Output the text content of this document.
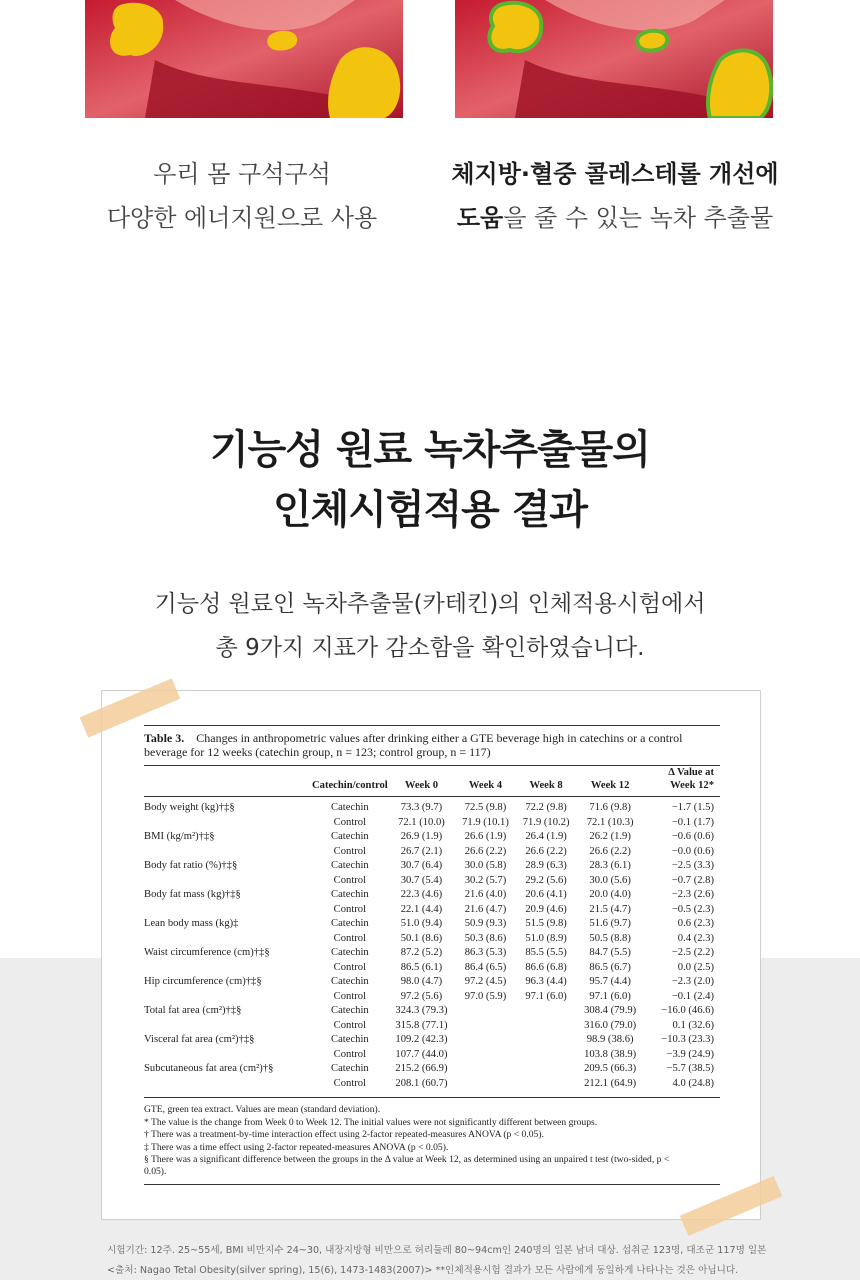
우리 몸 구석구석
다양한 에너지원으로 사용
체지방·혈중 콜레스테롤 개선에
도움을 줄 수 있는 녹차 추출물
기능성 원료 녹차추출물의
인체시험적용 결과
기능성 원료인 녹차추출물(카테킨)의 인체적용시험에서
총 9가지 지표가 감소함을 확인하였습니다.
Table 3. Changes in anthropometric values after drinking either a GTE beverage high in catechins or a control
beverage for 12 weeks (catechin group, n = 123; control group, n = 117)
						Δ Value at
	Catechin/control	Week 0	Week 4	Week 8	Week 12	Week 12*

Body weight (kg)†‡§	Catechin	73.3 (9.7)	72.5 (9.8)	72.2 (9.8)	71.6 (9.8)	−1.7 (1.5)
	Control	72.1 (10.0)	71.9 (10.1)	71.9 (10.2)	72.1 (10.3)	−0.1 (1.7)
BMI (kg/m²)†‡§	Catechin	26.9 (1.9)	26.6 (1.9)	26.4 (1.9)	26.2 (1.9)	−0.6 (0.6)
	Control	26.7 (2.1)	26.6 (2.2)	26.6 (2.2)	26.6 (2.2)	−0.0 (0.6)
Body fat ratio (%)†‡§	Catechin	30.7 (6.4)	30.0 (5.8)	28.9 (6.3)	28.3 (6.1)	−2.5 (3.3)
	Control	30.7 (5.4)	30.2 (5.7)	29.2 (5.6)	30.0 (5.6)	−0.7 (2.8)
Body fat mass (kg)†‡§	Catechin	22.3 (4.6)	21.6 (4.0)	20.6 (4.1)	20.0 (4.0)	−2.3 (2.6)
	Control	22.1 (4.4)	21.6 (4.7)	20.9 (4.6)	21.5 (4.7)	−0.5 (2.3)
Lean body mass (kg)‡	Catechin	51.0 (9.4)	50.9 (9.3)	51.5 (9.8)	51.6 (9.7)	0.6 (2.3)
	Control	50.1 (8.6)	50.3 (8.6)	51.0 (8.9)	50.5 (8.8)	0.4 (2.3)
Waist circumference (cm)†‡§	Catechin	87.2 (5.2)	86.3 (5.3)	85.5 (5.5)	84.7 (5.5)	−2.5 (2.2)
	Control	86.5 (6.1)	86.4 (6.5)	86.6 (6.8)	86.5 (6.7)	0.0 (2.5)
Hip circumference (cm)†‡§	Catechin	98.0 (4.7)	97.2 (4.5)	96.3 (4.4)	95.7 (4.4)	−2.3 (2.0)
	Control	97.2 (5.6)	97.0 (5.9)	97.1 (6.0)	97.1 (6.0)	−0.1 (2.4)
Total fat area (cm²)†‡§	Catechin	324.3 (79.3)			308.4 (79.9)	−16.0 (46.6)
	Control	315.8 (77.1)			316.0 (79.0)	0.1 (32.6)
Visceral fat area (cm²)†‡§	Catechin	109.2 (42.3)			98.9 (38.6)	−10.3 (23.3)
	Control	107.7 (44.0)			103.8 (38.9)	−3.9 (24.9)
Subcutaneous fat area (cm²)†§	Catechin	215.2 (66.9)			209.5 (66.3)	−5.7 (38.5)
	Control	208.1 (60.7)			212.1 (64.9)	4.0 (24.8)
GTE, green tea extract. Values are mean (standard deviation).
* The value is the change from Week 0 to Week 12. The initial values were not significantly different between groups.
† There was a treatment-by-time interaction effect using 2-factor repeated-measures ANOVA (p < 0.05).
‡ There was a time effect using 2-factor repeated-measures ANOVA (p < 0.05).
§ There was a significant difference between the groups in the Δ value at Week 12, as determined using an unpaired t test (two-sided, p <
0.05).
시험기간: 12주. 25~55세, BMI 비만지수 24~30, 내장지방형 비만으로 허리둘레 80~94cm인 240명의 일본 남녀 대상. 섭취군 123명, 대조군 117명 일본
<출처: Nagao Tetal Obesity(silver spring), 15(6), 1473-1483(2007)> **인체적용시험 결과가 모든 사람에게 동일하게 나타나는 것은 아닙니다.
